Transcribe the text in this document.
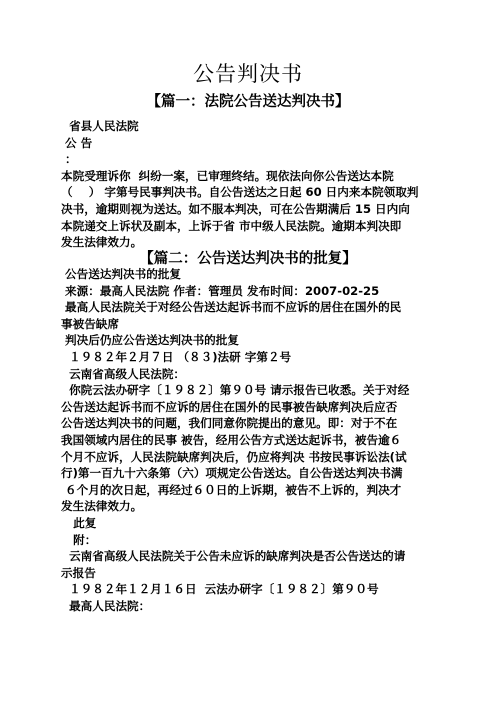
公告判决书
【篇一：法院公告送达判决书】
省县人民法院
公 告
：
本院受理诉你  纠纷一案，已审理终结。现依法向你公告送达本院
（    ） 字第号民事判决书。自公告送达之日起 60 日内来本院领取判
决书，逾期则视为送达。如不服本判决，可在公告期满后 15 日内向
本院递交上诉状及副本，上诉于省 市中级人民法院。逾期本判决即
发生法律效力。
【篇二：公告送达判决书的批复】
公告送达判决书的批复
来源：最高人民法院 作者：管理员 发布时间：2007-02-25
最高人民法院关于对经公告送达起诉书而不应诉的居住在国外的民
事被告缺席
判决后仍应公告送达判决书的批复
１９８２年２月７日 （８３)法研 字第２号
云南省高级人民法院：
你院云法办研字〔１９８２〕第９０号 请示报告已收悉。关于对经
公告送达起诉书而不应诉的居住在国外的民事被告缺席判决后应否
公告送达判决书的问题，我们同意你院提出的意见。即：对于不在
我国领域内居住的民事 被告，经用公告方式送达起诉书，被告逾６
个月不应诉，人民法院缺席判决后，仍应将判决 书按民事诉讼法(试
行)第一百九十六条第（六）项规定公告送达。自公告送达判决书满
６个月的次日起，再经过６０日的上诉期，被告不上诉的，判决才
发生法律效力。
此复
附：
云南省高级人民法院关于公告未应诉的缺席判决是否公告送达的请
示报告
１９８２年１２月１６日  云法办研字〔１９８２〕第９０号
最高人民法院：
